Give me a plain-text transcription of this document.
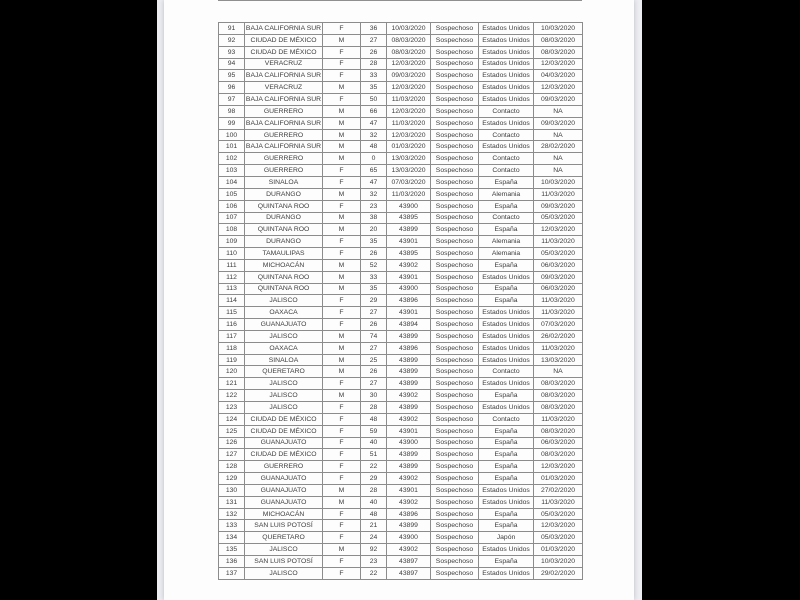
91	BAJA CALIFORNIA SUR	F	36	10/03/2020	Sospechoso	Estados Unidos	10/03/2020
92	CIUDAD DE MÉXICO	M	27	08/03/2020	Sospechoso	Estados Unidos	08/03/2020
93	CIUDAD DE MÉXICO	F	26	08/03/2020	Sospechoso	Estados Unidos	08/03/2020
94	VERACRUZ	F	28	12/03/2020	Sospechoso	Estados Unidos	12/03/2020
95	BAJA CALIFORNIA SUR	F	33	09/03/2020	Sospechoso	Estados Unidos	04/03/2020
96	VERACRUZ	M	35	12/03/2020	Sospechoso	Estados Unidos	12/03/2020
97	BAJA CALIFORNIA SUR	F	50	11/03/2020	Sospechoso	Estados Unidos	09/03/2020
98	GUERRERO	M	66	12/03/2020	Sospechoso	Contacto	NA
99	BAJA CALIFORNIA SUR	M	47	11/03/2020	Sospechoso	Estados Unidos	09/03/2020
100	GUERRERO	M	32	12/03/2020	Sospechoso	Contacto	NA
101	BAJA CALIFORNIA SUR	M	48	01/03/2020	Sospechoso	Estados Unidos	28/02/2020
102	GUERRERO	M	0	13/03/2020	Sospechoso	Contacto	NA
103	GUERRERO	F	65	13/03/2020	Sospechoso	Contacto	NA
104	SINALOA	F	47	07/03/2020	Sospechoso	España	10/03/2020
105	DURANGO	M	32	11/03/2020	Sospechoso	Alemania	11/03/2020
106	QUINTANA ROO	F	23	43900	Sospechoso	España	09/03/2020
107	DURANGO	M	38	43895	Sospechoso	Contacto	05/03/2020
108	QUINTANA ROO	M	20	43899	Sospechoso	España	12/03/2020
109	DURANGO	F	35	43901	Sospechoso	Alemania	11/03/2020
110	TAMAULIPAS	F	26	43895	Sospechoso	Alemania	05/03/2020
111	MICHOACÁN	M	52	43902	Sospechoso	España	06/03/2020
112	QUINTANA ROO	M	33	43901	Sospechoso	Estados Unidos	09/03/2020
113	QUINTANA ROO	M	35	43900	Sospechoso	España	06/03/2020
114	JALISCO	F	29	43896	Sospechoso	España	11/03/2020
115	OAXACA	F	27	43901	Sospechoso	Estados Unidos	11/03/2020
116	GUANAJUATO	F	26	43894	Sospechoso	Estados Unidos	07/03/2020
117	JALISCO	M	74	43899	Sospechoso	Estados Unidos	26/02/2020
118	OAXACA	M	27	43896	Sospechoso	Estados Unidos	11/03/2020
119	SINALOA	M	25	43899	Sospechoso	Estados Unidos	13/03/2020
120	QUERETARO	M	26	43899	Sospechoso	Contacto	NA
121	JALISCO	F	27	43899	Sospechoso	Estados Unidos	08/03/2020
122	JALISCO	M	30	43902	Sospechoso	España	08/03/2020
123	JALISCO	F	28	43899	Sospechoso	Estados Unidos	08/03/2020
124	CIUDAD DE MÉXICO	F	48	43902	Sospechoso	Contacto	11/03/2020
125	CIUDAD DE MÉXICO	F	59	43901	Sospechoso	España	08/03/2020
126	GUANAJUATO	F	40	43900	Sospechoso	España	06/03/2020
127	CIUDAD DE MÉXICO	F	51	43899	Sospechoso	España	08/03/2020
128	GUERRERO	F	22	43899	Sospechoso	España	12/03/2020
129	GUANAJUATO	F	29	43902	Sospechoso	España	01/03/2020
130	GUANAJUATO	M	28	43901	Sospechoso	Estados Unidos	27/02/2020
131	GUANAJUATO	M	40	43902	Sospechoso	Estados Unidos	11/03/2020
132	MICHOACÁN	F	48	43896	Sospechoso	España	05/03/2020
133	SAN LUIS POTOSÍ	F	21	43899	Sospechoso	España	12/03/2020
134	QUERETARO	F	24	43900	Sospechoso	Japón	05/03/2020
135	JALISCO	M	92	43902	Sospechoso	Estados Unidos	01/03/2020
136	SAN LUIS POTOSÍ	F	23	43897	Sospechoso	España	10/03/2020
137	JALISCO	F	22	43897	Sospechoso	Estados Unidos	29/02/2020
